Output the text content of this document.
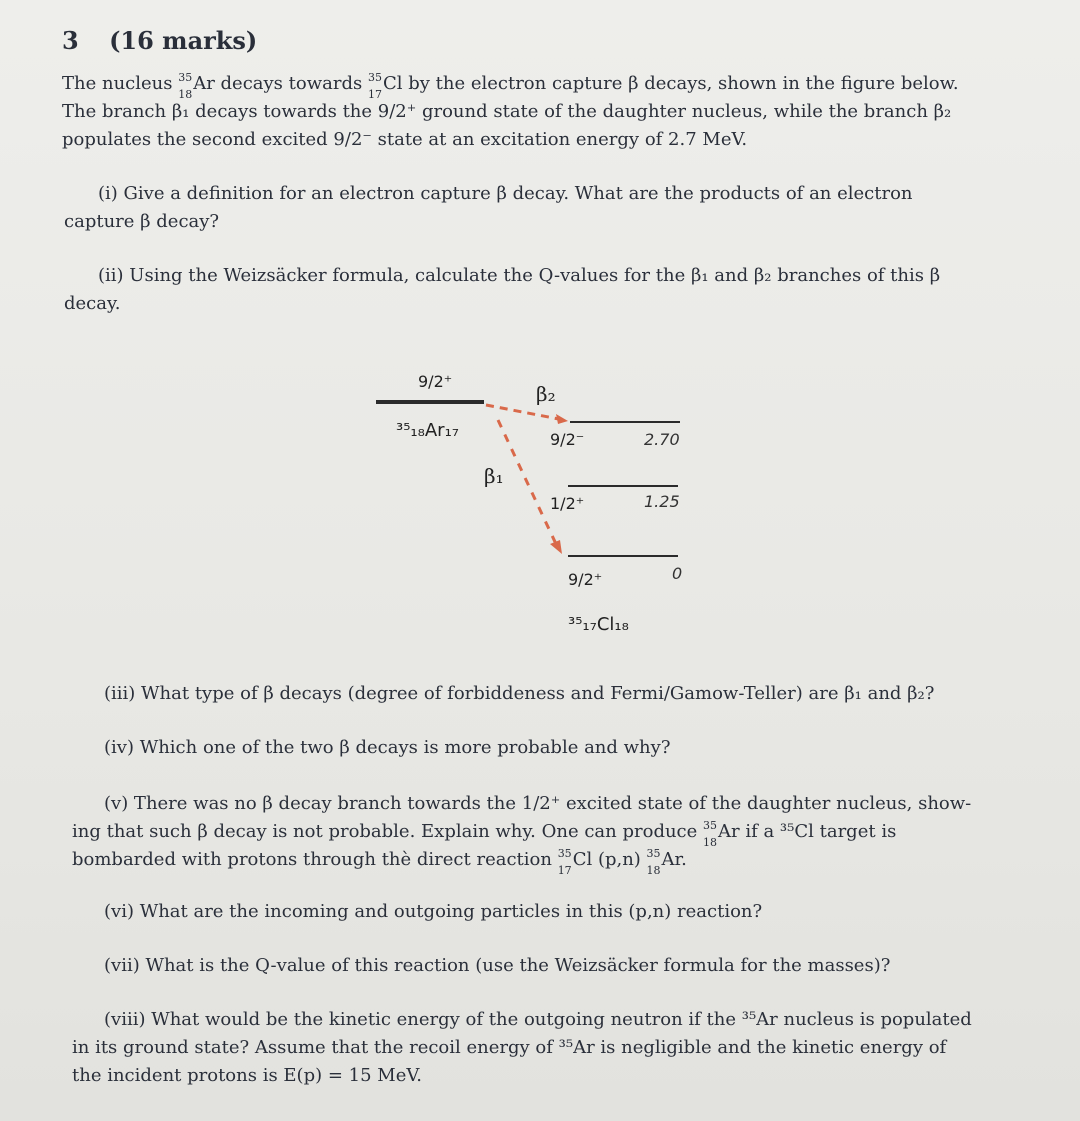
3 (16 marks)
The nucleus 35
18
Ar decays towards 35
17
Cl by the electron capture β decays, shown in the figure below.
The branch β₁ decays towards the 9/2⁺ ground state of the daughter nucleus, while the branch β₂
populates the second excited 9/2⁻ state at an excitation energy of 2.7 MeV.
(i) Give a definition for an electron capture β decay. What are the products of an electron
capture β decay?
(ii) Using the Weizsäcker formula, calculate the Q-values for the β₁ and β₂ branches of this β
decay.
9/2⁺
³⁵₁₈Ar₁₇
β₂
β₁
9/2⁻	2.70
1/2⁺	1.25
9/2⁺	0
³⁵₁₇Cl₁₈
(iii) What type of β decays (degree of forbiddeness and Fermi/Gamow-Teller) are β₁ and β₂?
(iv) Which one of the two β decays is more probable and why?
(v) There was no β decay branch towards the 1/2⁺ excited state of the daughter nucleus, show-
ing that such β decay is not probable. Explain why. One can produce 35
18
Ar if a ³⁵Cl target is
bombarded with protons through thè direct reaction 35
17
Cl (p,n) 35
18
Ar.
(vi) What are the incoming and outgoing particles in this (p,n) reaction?
(vii) What is the Q-value of this reaction (use the Weizsäcker formula for the masses)?
(viii) What would be the kinetic energy of the outgoing neutron if the ³⁵Ar nucleus is populated
in its ground state? Assume that the recoil energy of ³⁵Ar is negligible and the kinetic energy of
the incident protons is E(p) = 15 MeV.
